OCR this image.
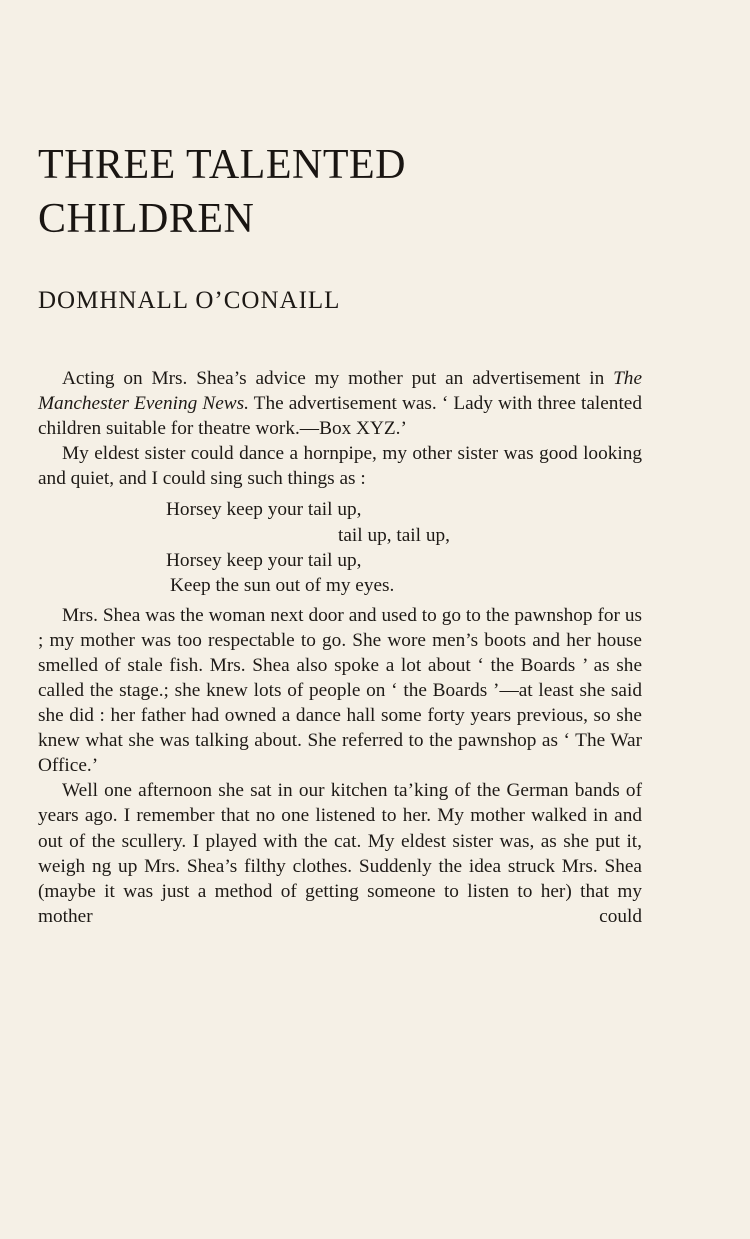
THREE TALENTED
CHILDREN
DOMHNALL O’CONAILL

Acting on Mrs. Shea’s advice my mother put an advertisement in The Manchester Evening News. The advertisement was. ‘ Lady with three talented children suitable for theatre work.—Box XYZ.’

My eldest sister could dance a hornpipe, my other sister was good looking and quiet, and I could sing such things as :

Horsey keep your tail up,
tail up, tail up,
Horsey keep your tail up,
Keep the sun out of my eyes.

Mrs. Shea was the woman next door and used to go to the pawnshop for us ; my mother was too respectable to go. She wore men’s boots and her house smelled of stale fish. Mrs. Shea also spoke a lot about ‘ the Boards ’ as she called the stage.; she knew lots of people on ‘ the Boards ’—at least she said she did : her father had owned a dance hall some forty years previous, so she knew what she was talking about. She referred to the pawnshop as ‘ The War Office.’

Well one afternoon she sat in our kitchen ta’king of the German bands of years ago. I remember that no one listened to her. My mother walked in and out of the scullery. I played with the cat. My eldest sister was, as she put it, weigh ng up Mrs. Shea’s filthy clothes. Suddenly the idea struck Mrs. Shea (maybe it was just a method of getting someone to listen to her) that my mother could
